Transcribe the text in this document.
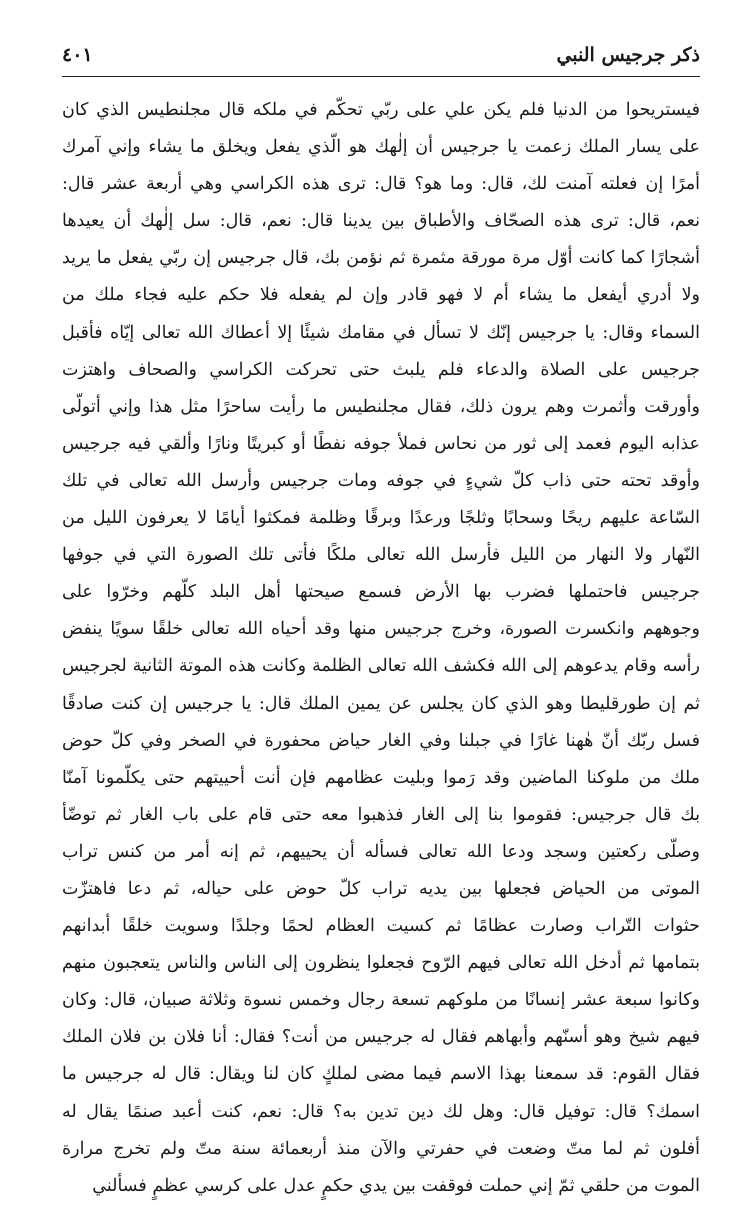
ذكر جرجيس النبي
٤٠١
فيستريحوا من الدنيا فلم يكن علي على ربّي تحكّم في ملكه قال مجلنطيس الذي كان
على يسار الملك زعمت يا جرجيس أن إلٰهك هو الّذي يفعل ويخلق ما يشاء وإني آمرك
أمرًا إن فعلته آمنت لك، قال: وما هو؟ قال: ترى هذه الكراسي وهي أربعة عشر قال:
نعم، قال: ترى هذه الصحّاف والأطباق بين يدينا قال: نعم، قال: سل إلٰهك أن يعيدها
أشجارًا كما كانت أوّل مرة مورقة مثمرة ثم نؤمن بك، قال جرجيس إن ربّي يفعل ما يريد
ولا أدري أيفعل ما يشاء أم لا فهو قادر وإن لم يفعله فلا حكم عليه فجاء ملك من
السماء وقال: يا جرجيس إنّك لا تسأل في مقامك شيئًا إلا أعطاك الله تعالى إيّاه فأقبل
جرجيس على الصلاة والدعاء فلم يلبث حتى تحركت الكراسي والصحاف واهتزت
وأورقت وأثمرت وهم يرون ذلك، فقال مجلنطيس ما رأيت ساحرًا مثل هذا وإني أتولّى
عذابه اليوم فعمد إلى ثور من نحاس فملأ جوفه نفطًا أو كبريتًا ونارًا وألقي فيه جرجيس
وأوقد تحته حتى ذاب كلّ شيءٍ في جوفه ومات جرجيس وأرسل الله تعالى في تلك
السّاعة عليهم ريحًا وسحابًا وثلجًا ورعدًا وبرقًا وظلمة فمكثوا أيامًا لا يعرفون الليل من
النّهار ولا النهار من الليل فأرسل الله تعالى ملكًا فأتى تلك الصورة التي في جوفها
جرجيس فاحتملها فضرب بها الأرض فسمع صيحتها أهل البلد كلّهم وخرّوا على
وجوههم وانكسرت الصورة، وخرج جرجيس منها وقد أحياه الله تعالى خلقًا سويًا ينفض
رأسه وقام يدعوهم إلى الله فكشف الله تعالى الظلمة وكانت هذه الموتة الثانية لجرجيس
ثم إن طورقليطا وهو الذي كان يجلس عن يمين الملك قال: يا جرجيس إن كنت صادقًا
فسل ربّك أنّ هٰهنا غارًا في جبلنا وفي الغار حياض محفورة في الصخر وفي كلّ حوض
ملك من ملوكنا الماضين وقد رَموا وبليت عظامهم فإن أنت أحييتهم حتى يكلّمونا آمنّا
بك قال جرجيس: فقوموا بنا إلى الغار فذهبوا معه حتى قام على باب الغار ثم توضّأ
وصلّى ركعتين وسجد ودعا الله تعالى فسأله أن يحييهم، ثم إنه أمر من كنس تراب
الموتى من الحياض فجعلها بين يديه تراب كلّ حوض على حياله، ثم دعا فاهتزّت
حثوات التّراب وصارت عظامًا ثم كسيت العظام لحمًا وجلدًا وسويت خلقًا أبدانهم
بتمامها ثم أدخل الله تعالى فيهم الرّوح فجعلوا ينظرون إلى الناس والناس يتعجبون منهم
وكانوا سبعة عشر إنسانًا من ملوكهم تسعة رجال وخمس نسوة وثلاثة صبيان، قال: وكان
فيهم شيخ وهو أسنّهم وأبهاهم فقال له جرجيس من أنت؟ فقال: أنا فلان بن فلان الملك
فقال القوم: قد سمعنا بهذا الاسم فيما مضى لملكٍ كان لنا ويقال: قال له جرجيس ما
اسمك؟ قال: توفيل قال: وهل لك دين تدين به؟ قال: نعم، كنت أعبد صنمًا يقال له
أفلون ثم لما متّ وضعت في حفرتي والآن منذ أربعمائة سنة متّ ولم تخرج مرارة
الموت من حلقي ثمّ إني حملت فوقفت بين يدي حكمٍ عدل على كرسي عظمٍ فسألني
